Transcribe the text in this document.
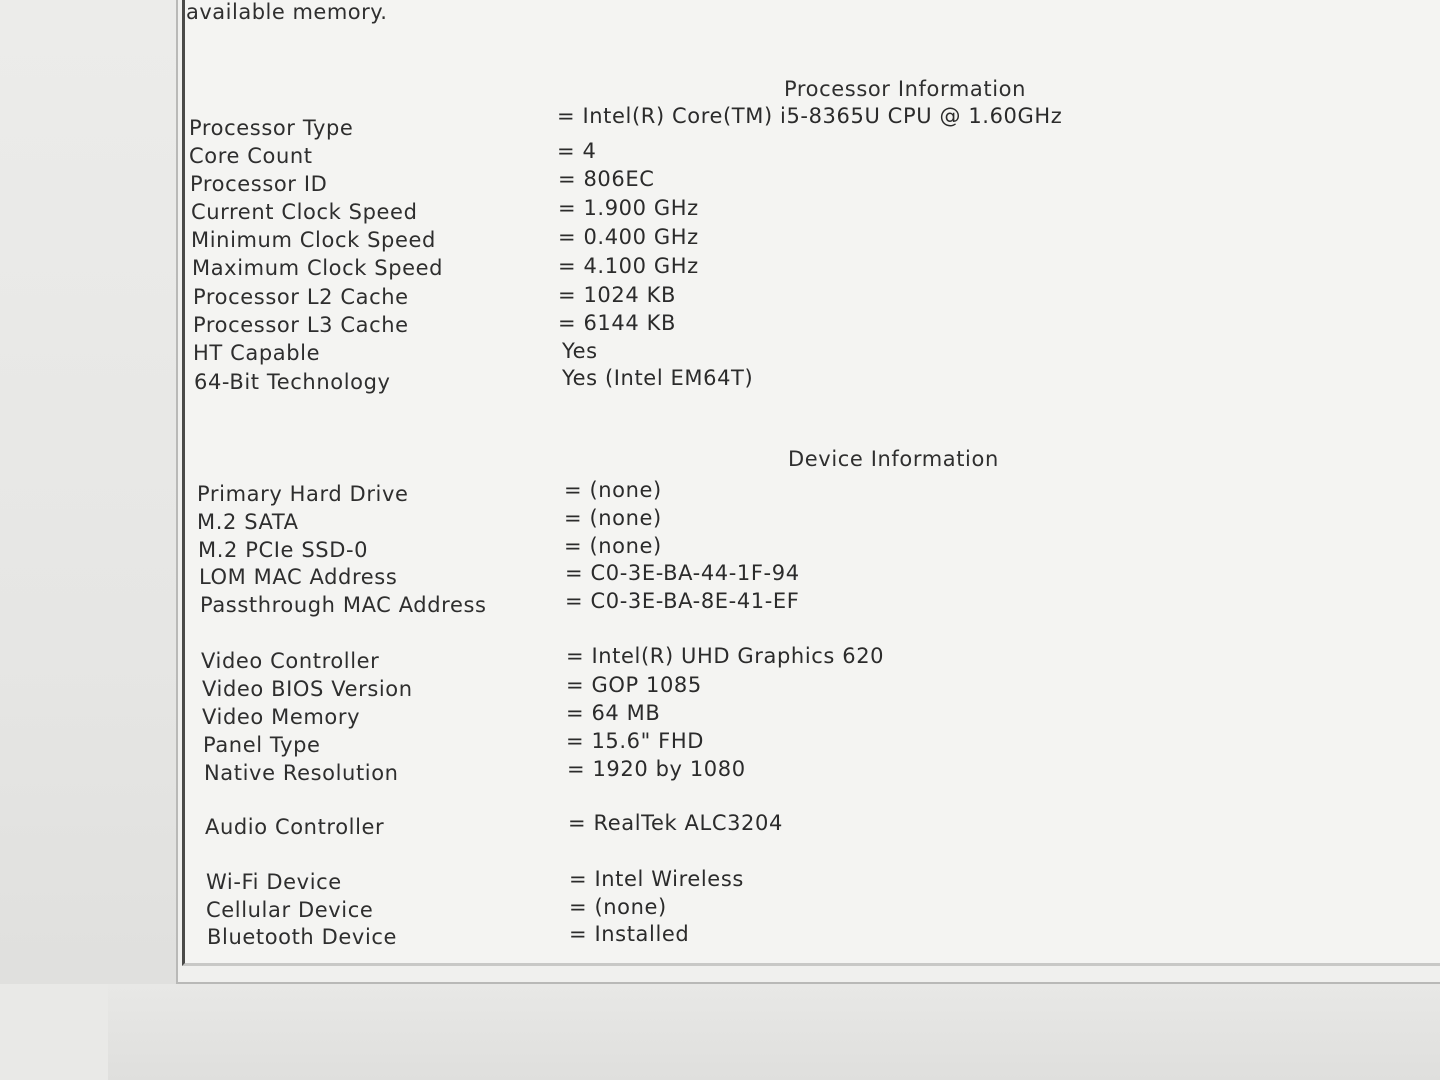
available memory.
Processor Information
Processor Type	= Intel(R) Core(TM) i5-8365U CPU @ 1.60GHz
Core Count	= 4
Processor ID	= 806EC
Current Clock Speed	= 1.900 GHz
Minimum Clock Speed	= 0.400 GHz
Maximum Clock Speed	= 4.100 GHz
Processor L2 Cache	= 1024 KB
Processor L3 Cache	= 6144 KB
HT Capable	Yes
64-Bit Technology	Yes (Intel EM64T)
Device Information
Primary Hard Drive	= (none)
M.2 SATA	= (none)
M.2 PCIe SSD-0	= (none)
LOM MAC Address	= C0-3E-BA-44-1F-94
Passthrough MAC Address	= C0-3E-BA-8E-41-EF
Video Controller	= Intel(R) UHD Graphics 620
Video BIOS Version	= GOP 1085
Video Memory	= 64 MB
Panel Type	= 15.6" FHD
Native Resolution	= 1920 by 1080
Audio Controller	= RealTek ALC3204
Wi-Fi Device	= Intel Wireless
Cellular Device	= (none)
Bluetooth Device	= Installed
